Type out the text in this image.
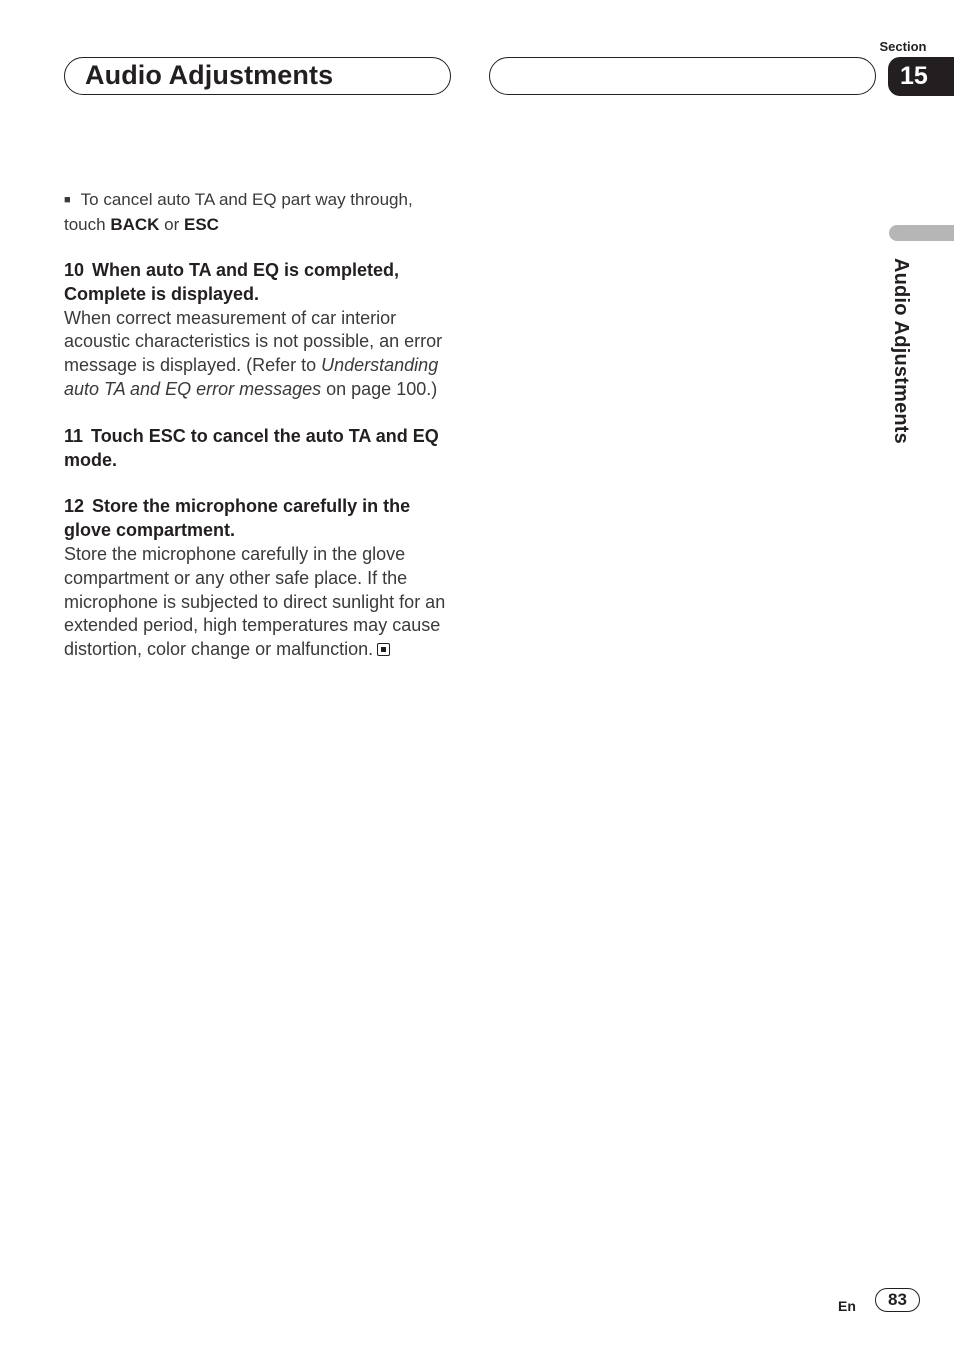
Audio Adjustments
Section
15
Audio Adjustments

■ To cancel auto TA and EQ part way through, touch BACK or ESC

10 When auto TA and EQ is completed, Complete is displayed.

When correct measurement of car interior acoustic characteristics is not possible, an error message is displayed. (Refer to Understanding auto TA and EQ error messages on page 100.)

11 Touch ESC to cancel the auto TA and EQ mode.

12 Store the microphone carefully in the glove compartment.

Store the microphone carefully in the glove compartment or any other safe place. If the microphone is subjected to direct sunlight for an extended period, high temperatures may cause distortion, color change or malfunction.

En	83
